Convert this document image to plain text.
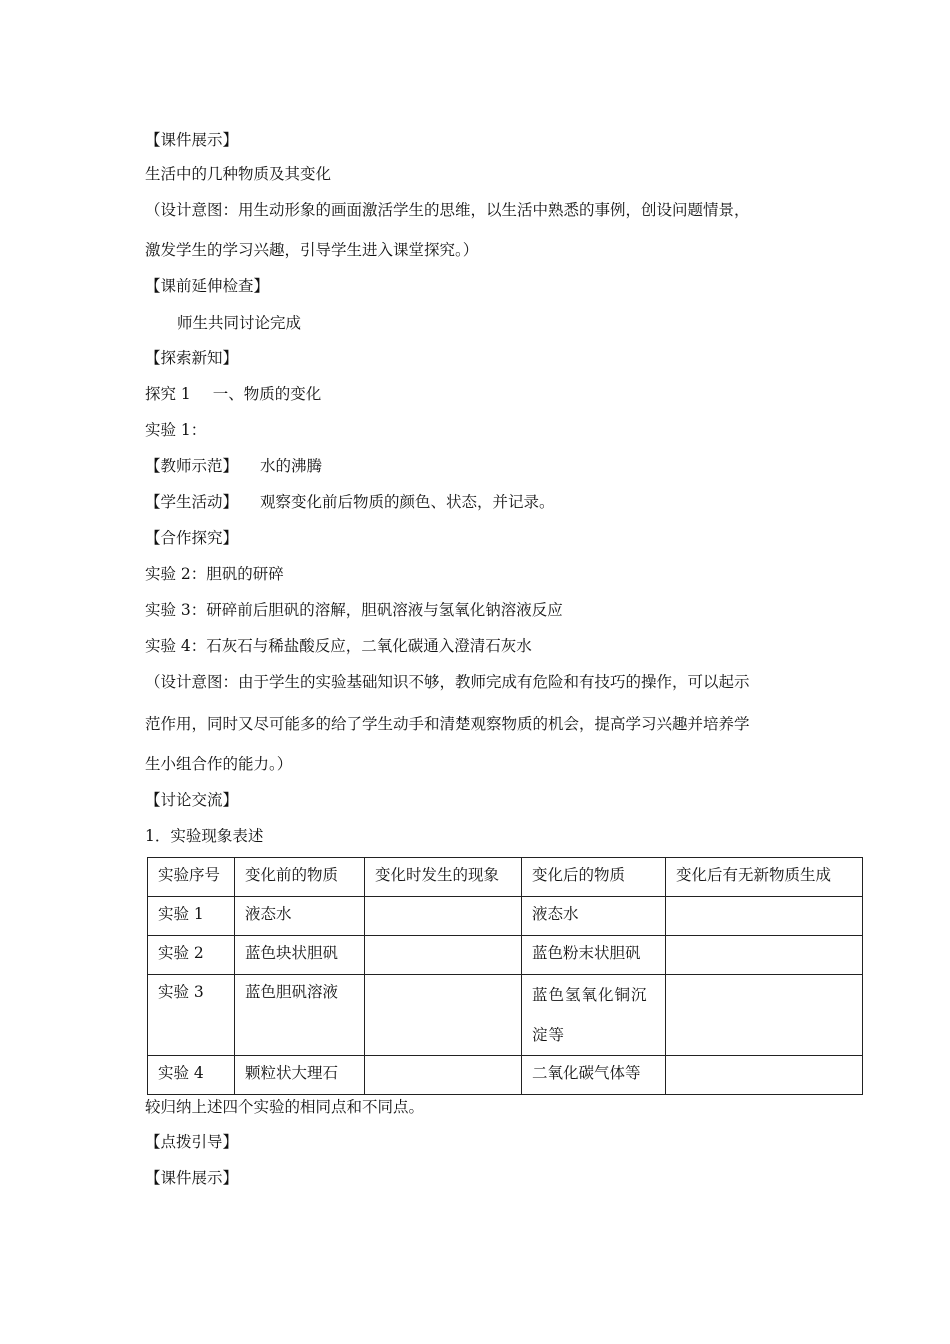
【课件展示】
生活中的几种物质及其变化
（设计意图：用生动形象的画面激活学生的思维，以生活中熟悉的事例，创设问题情景，
激发学生的学习兴趣，引导学生进入课堂探究。）
【课前延伸检查】
师生共同讨论完成
【探索新知】
探究 1 一、物质的变化
实验 1：
【教师示范】 水的沸腾
【学生活动】 观察变化前后物质的颜色、状态，并记录。
【合作探究】
实验 2：胆矾的研碎
实验 3：研碎前后胆矾的溶解，胆矾溶液与氢氧化钠溶液反应
实验 4：石灰石与稀盐酸反应，二氧化碳通入澄清石灰水
（设计意图：由于学生的实验基础知识不够，教师完成有危险和有技巧的操作，可以起示
范作用，同时又尽可能多的给了学生动手和清楚观察物质的机会，提高学习兴趣并培养学
生小组合作的能力。）
【讨论交流】
1．实验现象表述
实验序号	变化前的物质	变化时发生的现象	变化后的物质	变化后有无新物质生成
实验 1	液态水		液态水	
实验 2	蓝色块状胆矾		蓝色粉末状胆矾	
实验 3	蓝色胆矾溶液		蓝色氢氧化铜沉淀等	
实验 4	颗粒状大理石		二氧化碳气体等	
较归纳上述四个实验的相同点和不同点。
【点拨引导】
【课件展示】
